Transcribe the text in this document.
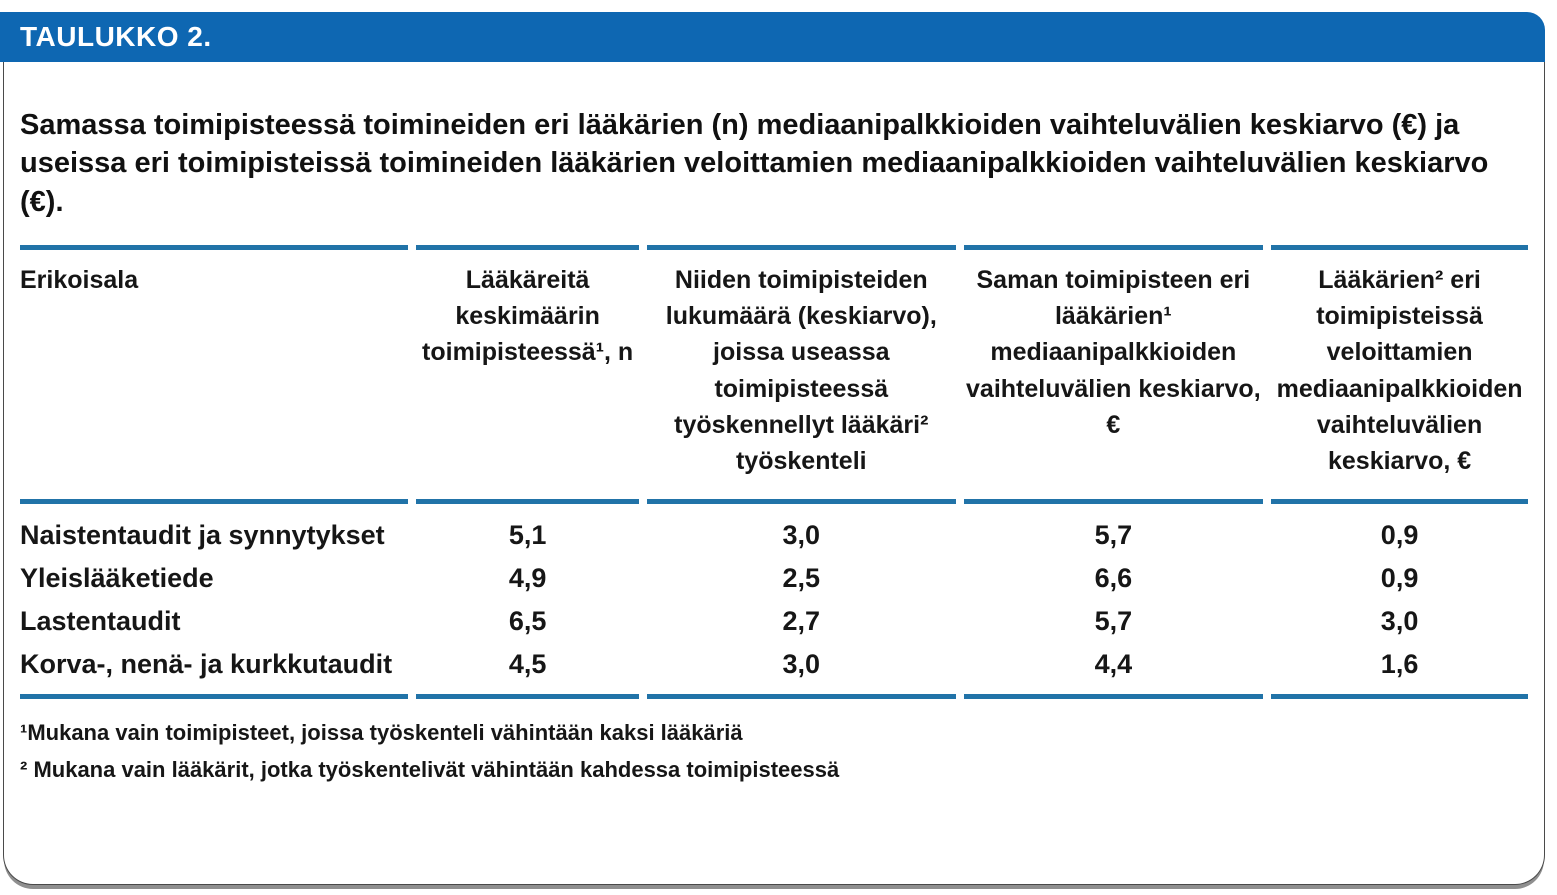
TAULUKKO 2.
Samassa toimipisteessä toimineiden eri lääkärien (n) mediaanipalkkioiden vaihteluvälien keskiarvo (€) ja useissa eri toimipisteissä toimineiden lääkärien veloittamien mediaanipalkkioiden vaihteluvälien keskiarvo (€).
Erikoisala	Lääkäreitä keskimäärin toimipisteessä¹, n	Niiden toimipisteiden lukumäärä (keskiarvo), joissa useassa toimipisteessä työskennellyt lääkäri² työskenteli	Saman toimipisteen eri lääkärien¹ mediaanipalkkioiden vaihteluvälien keskiarvo, €	Lääkärien² eri toimipisteissä veloittamien mediaanipalkkioiden vaihteluvälien keskiarvo, €
Naistentaudit ja synnytykset	5,1	3,0	5,7	0,9
Yleislääketiede	4,9	2,5	6,6	0,9
Lastentaudit	6,5	2,7	5,7	3,0
Korva-, nenä- ja kurkkutaudit	4,5	3,0	4,4	1,6
¹Mukana vain toimipisteet, joissa työskenteli vähintään kaksi lääkäriä
² Mukana vain lääkärit, jotka työskentelivät vähintään kahdessa toimipisteessä
